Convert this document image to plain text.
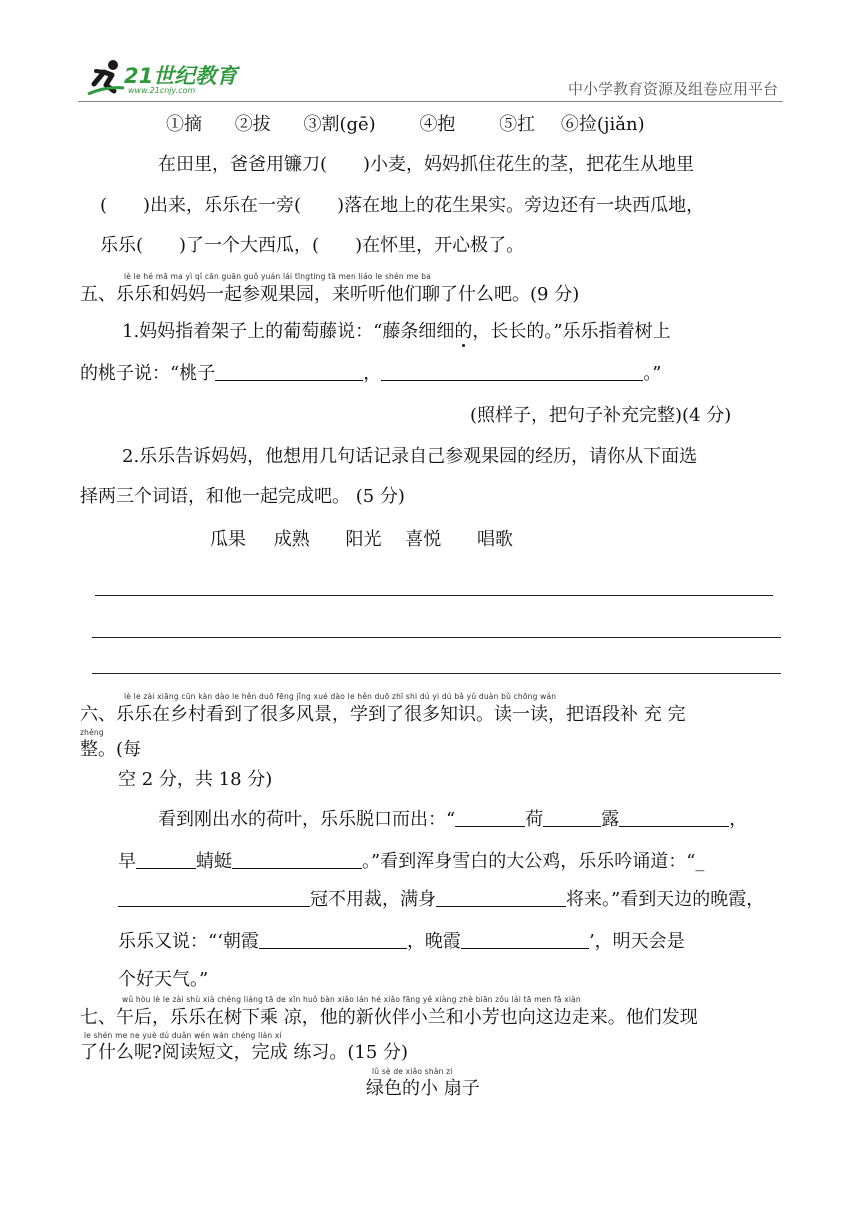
21世纪教育
www.21cnjy.com	中小学教育资源及组卷应用平台
①摘 ②拔 ③割(gē) ④抱 ⑤扛 ⑥捡(jiǎn)
在田里，爸爸用镰刀(　　)小麦，妈妈抓住花生的茎，把花生从地里
(　　)出来，乐乐在一旁(　　)落在地上的花生果实。旁边还有一块西瓜地，
乐乐(　　)了一个大西瓜，(　　)在怀里，开心极了。
lè le hé mā ma yì qǐ cān guān guǒ yuán lái tīngting tā men liáo le shén me ba
五、乐乐和妈妈一起参观果园，来听听他们聊了什么吧。(9 分)
1.妈妈指着架子上的葡萄藤说：“藤条细细的，长长的。”乐乐指着树上
的桃子说：“桃子	，	。”
(照样子，把句子补充完整)(4 分)
2.乐乐告诉妈妈，他想用几句话记录自己参观果园的经历，请你从下面选
择两三个词语，和他一起完成吧。 (5 分)
瓜果 成熟 阳光 喜悦 唱歌
lè le zài xiāng cūn kàn dào le hěn duō fēng jǐng xué dào le hěn duō zhī shi dú yi dú bǎ yǔ duàn bǔ chōng wán
六、乐乐在乡村看到了很多风景，学到了很多知识。读一读，把语段补 充 完
zhěng
整。(每
空 2 分，共 18 分)
看到刚出水的荷叶，乐乐脱口而出：“	荷	露	，
早	蜻蜓	。”看到浑身雪白的大公鸡，乐乐吟诵道：“_
冠不用裁，满身	将来。”看到天边的晚霞，
乐乐又说：“‘朝霞	，晚霞	’，明天会是
个好天气。”
wǔ hòu lè le zài shù xià chéng liáng tā de xīn huǒ bàn xiǎo lán hé xiǎo fāng yě xiàng zhè biān zǒu lái tā men fā xiàn
七、午后，乐乐在树下乘 凉，他的新伙伴小兰和小芳也向这边走来。他们发现
le shén me ne yuè dú duǎn wén wán chéng liàn xí
了什么呢?阅读短文，完成 练习。(15 分)
lǜ sè de xiǎo shàn zi
绿色的小 扇子
